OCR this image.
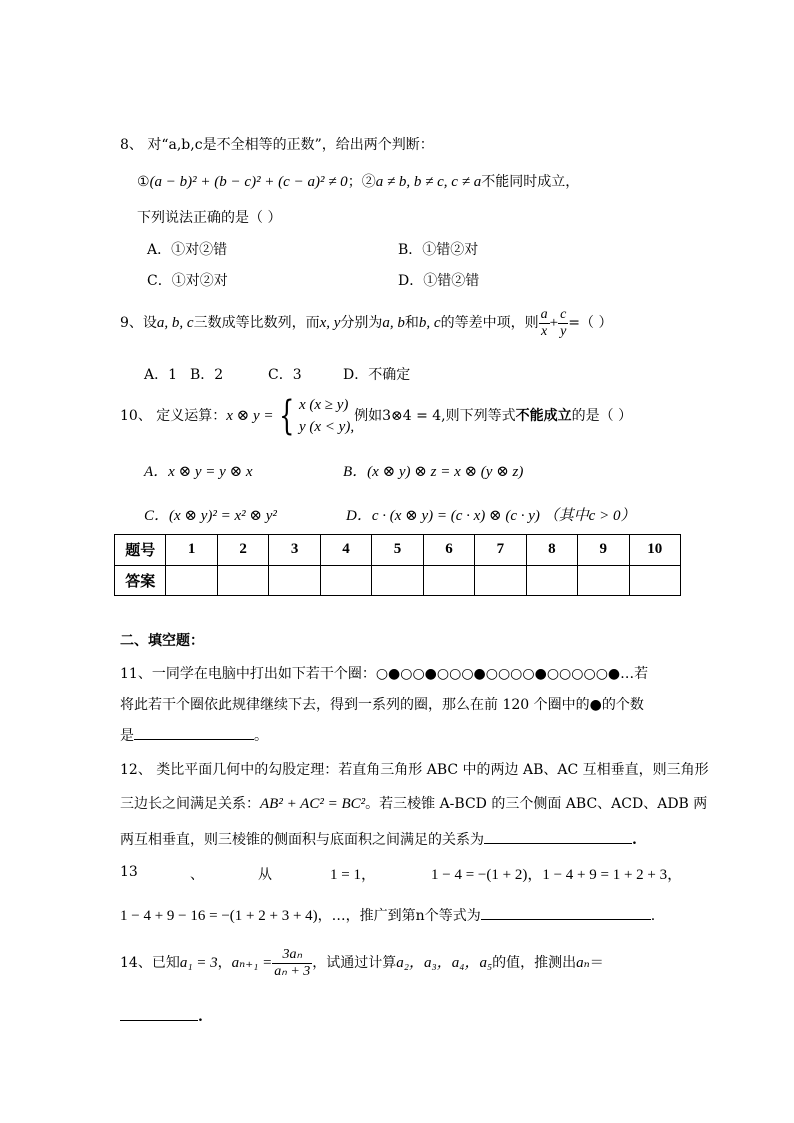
8、 对“a,b,c是不全相等的正数”，给出两个判断：
①(a − b)² + (b − c)² + (c − a)² ≠ 0；②a ≠ b, b ≠ c, c ≠ a不能同时成立，
下列说法正确的是（ ）
A．①对②错	B．①错②对
C．①对②对	D．①错②错
9、设a, b, c三数成等比数列，而x, y分别为a, b和b, c的等差中项，则 $\frac{a}{x} + \frac{c}{y}$ =（ ）
A．1 B．2	C．3	D．不确定
10、 定义运算：x ⊗ y = { x (x ≥ y)
y (x < y),
例如3⊗4 = 4,则下列等式不能成立的是（ ）
A．x ⊗ y = y ⊗ x	B．(x ⊗ y) ⊗ z = x ⊗ (y ⊗ z)
C．(x ⊗ y)² = x² ⊗ y²	D．c · (x ⊗ y) = (c · x) ⊗ (c · y) （其中c > 0）
题号	1	2	3	4	5	6	7	8	9	10
答案										
二、填空题：
11、一同学在电脑中打出如下若干个圈：○●○○●○○○●○○○○●○○○○○●…若
将此若干个圈依此规律继续下去，得到一系列的圈，那么在前 120 个圈中的●的个数
是	。
12、 类比平面几何中的勾股定理：若直角三角形 ABC 中的两边 AB、AC 互相垂直，则三角形
三边长之间满足关系：AB² + AC² = BC²。若三棱锥 A-BCD 的三个侧面 ABC、ACD、ADB 两
两互相垂直，则三棱锥的侧面积与底面积之间满足的关系为	.
13	、	从	1 = 1，	1 − 4 = −(1 + 2)，1 − 4 + 9 = 1 + 2 + 3，
1 − 4 + 9 − 16 = −(1 + 2 + 3 + 4)，…，推广到第n个等式为	.
14、已知a₁ = 3，$a_{n+1} = \frac{\text{3aₙ}}{\text{aₙ + 3}}$ ，试通过计算a₂，a₃，a₄，a₅的值，推测出aₙ＝
.
